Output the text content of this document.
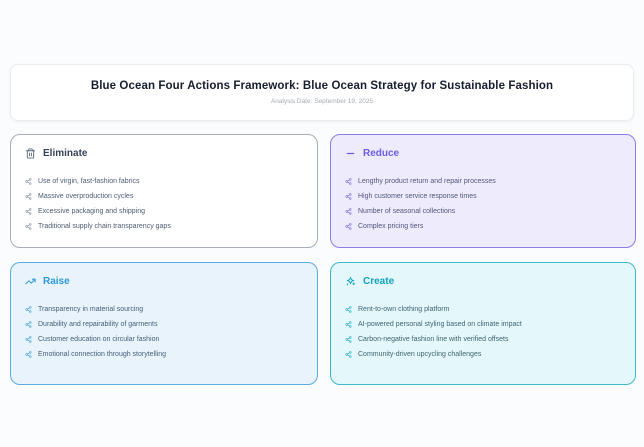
Blue Ocean Four Actions Framework: Blue Ocean Strategy for Sustainable Fashion
Analysis Date: September 19, 2025
Eliminate
Use of virgin, fast-fashion fabrics
Massive overproduction cycles
Excessive packaging and shipping
Traditional supply chain transparency gaps
Reduce
Lengthy product return and repair processes
High customer service response times
Number of seasonal collections
Complex pricing tiers
Raise
Transparency in material sourcing
Durability and repairability of garments
Customer education on circular fashion
Emotional connection through storytelling
Create
Rent-to-own clothing platform
AI-powered personal styling based on climate impact
Carbon-negative fashion line with verified offsets
Community-driven upcycling challenges
